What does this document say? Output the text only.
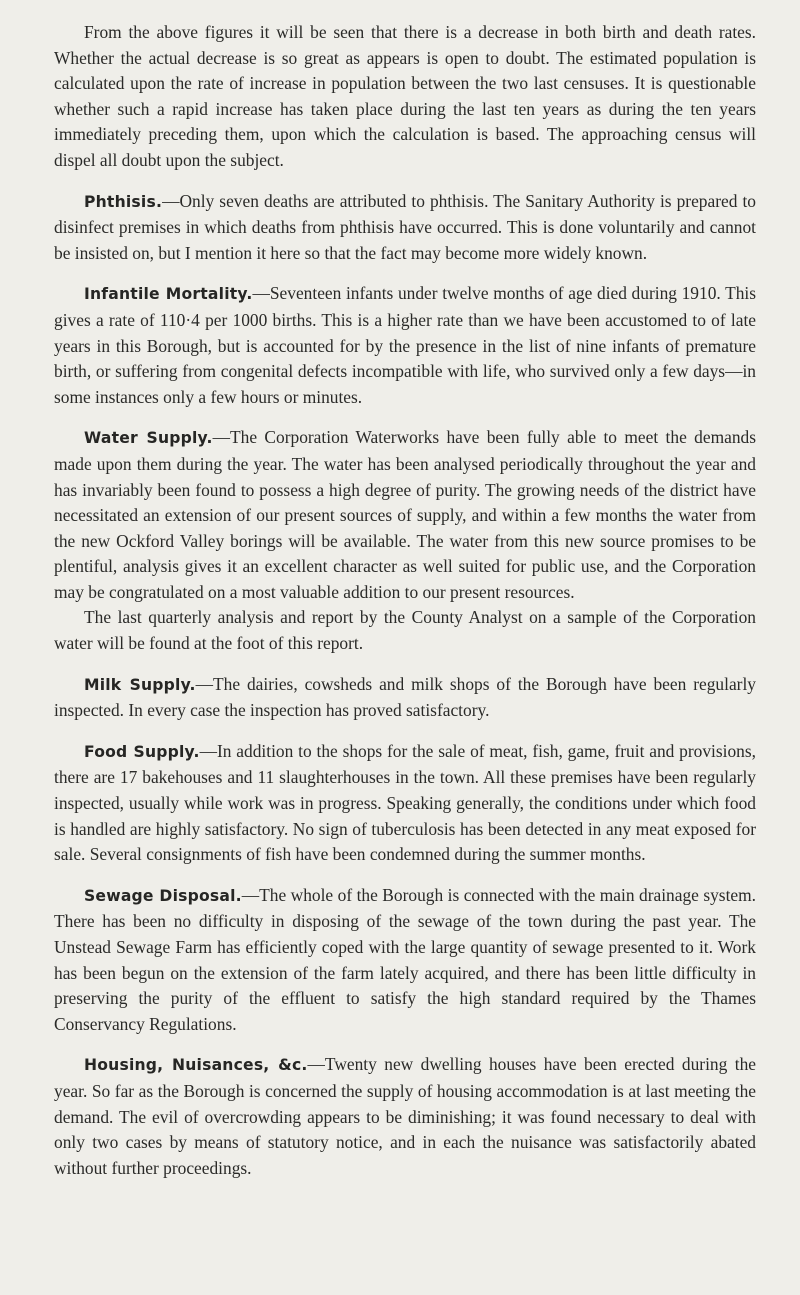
From the above figures it will be seen that there is a decrease in both birth and death rates. Whether the actual decrease is so great as appears is open to doubt. The estimated population is calculated upon the rate of increase in population between the two last censuses. It is questionable whether such a rapid increase has taken place during the last ten years as during the ten years immediately preceding them, upon which the calculation is based. The approaching census will dispel all doubt upon the subject.

Phthisis.—Only seven deaths are attributed to phthisis. The Sanitary Authority is prepared to disinfect premises in which deaths from phthisis have occurred. This is done voluntarily and cannot be insisted on, but I mention it here so that the fact may become more widely known.

Infantile Mortality.—Seventeen infants under twelve months of age died during 1910. This gives a rate of 110·4 per 1000 births. This is a higher rate than we have been accustomed to of late years in this Borough, but is accounted for by the presence in the list of nine infants of premature birth, or suffering from congenital defects incompatible with life, who survived only a few days—in some instances only a few hours or minutes.

Water Supply.—The Corporation Waterworks have been fully able to meet the demands made upon them during the year. The water has been analysed periodically throughout the year and has invariably been found to possess a high degree of purity. The growing needs of the district have necessitated an extension of our present sources of supply, and within a few months the water from the new Ockford Valley borings will be available. The water from this new source promises to be plentiful, analysis gives it an excellent character as well suited for public use, and the Corporation may be congratulated on a most valuable addition to our present resources.

The last quarterly analysis and report by the County Analyst on a sample of the Corporation water will be found at the foot of this report.

Milk Supply.—The dairies, cowsheds and milk shops of the Borough have been regularly inspected. In every case the inspection has proved satisfactory.

Food Supply.—In addition to the shops for the sale of meat, fish, game, fruit and provisions, there are 17 bakehouses and 11 slaughterhouses in the town. All these premises have been regularly inspected, usually while work was in progress. Speaking generally, the conditions under which food is handled are highly satisfactory. No sign of tuberculosis has been detected in any meat exposed for sale. Several consignments of fish have been condemned during the summer months.

Sewage Disposal.—The whole of the Borough is connected with the main drainage system. There has been no difficulty in disposing of the sewage of the town during the past year. The Unstead Sewage Farm has efficiently coped with the large quantity of sewage presented to it. Work has been begun on the extension of the farm lately acquired, and there has been little difficulty in preserving the purity of the effluent to satisfy the high standard required by the Thames Conservancy Regulations.

Housing, Nuisances, &c.—Twenty new dwelling houses have been erected during the year. So far as the Borough is concerned the supply of housing accommodation is at last meeting the demand. The evil of overcrowding appears to be diminishing; it was found necessary to deal with only two cases by means of statutory notice, and in each the nuisance was satisfactorily abated without further proceedings.
